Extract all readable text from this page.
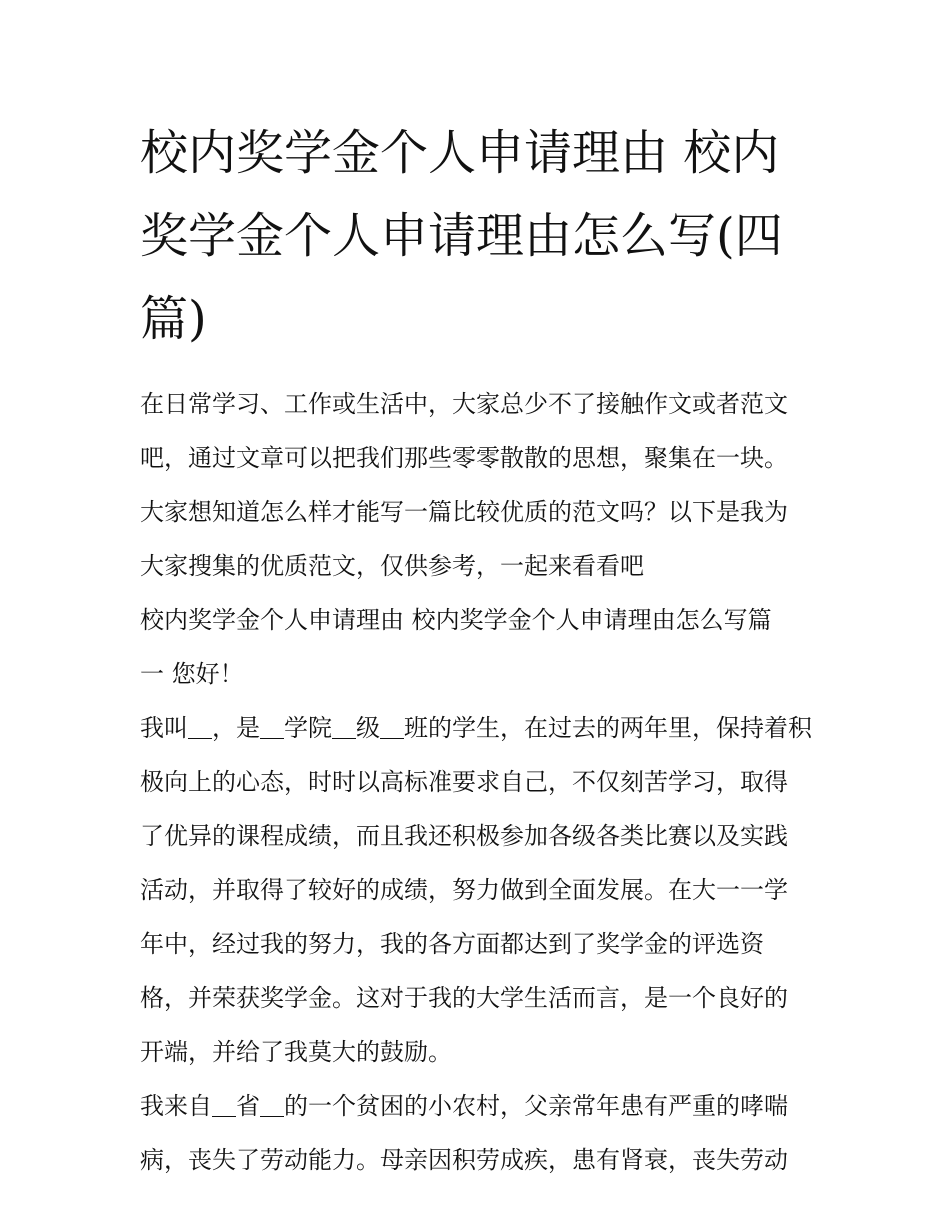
校内奖学金个人申请理由 校内
奖学金个人申请理由怎么写(四
篇)

在日常学习、工作或生活中，大家总少不了接触作文或者范文
吧，通过文章可以把我们那些零零散散的思想，聚集在一块。
大家想知道怎么样才能写一篇比较优质的范文吗？以下是我为
大家搜集的优质范文，仅供参考，一起来看看吧

校内奖学金个人申请理由 校内奖学金个人申请理由怎么写篇
一 您好！

我叫＿，是＿学院＿级＿班的学生，在过去的两年里，保持着积
极向上的心态，时时以高标准要求自己，不仅刻苦学习，取得
了优异的课程成绩，而且我还积极参加各级各类比赛以及实践
活动，并取得了较好的成绩，努力做到全面发展。在大一一学
年中，经过我的努力，我的各方面都达到了奖学金的评选资
格，并荣获奖学金。这对于我的大学生活而言，是一个良好的
开端，并给了我莫大的鼓励。

我来自＿省＿的一个贫困的小农村，父亲常年患有严重的哮喘
病，丧失了劳动能力。母亲因积劳成疾，患有肾衰，丧失劳动
